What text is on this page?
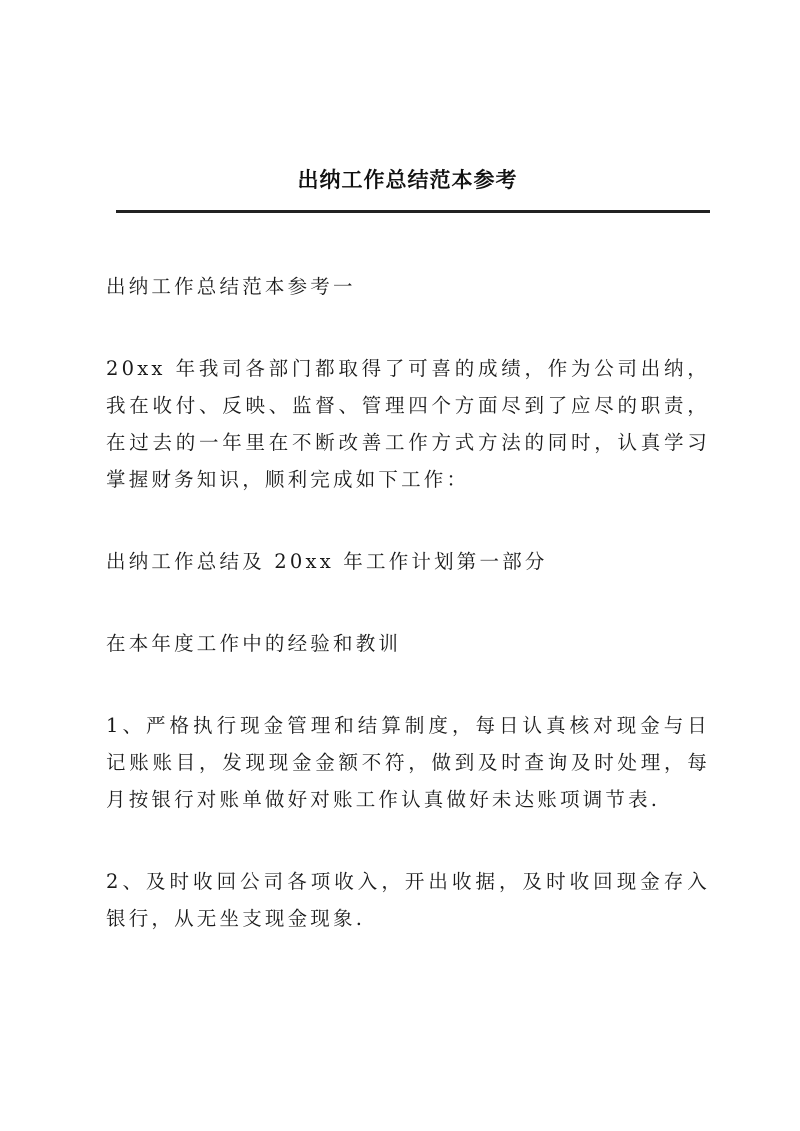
出纳工作总结范本参考

出纳工作总结范本参考一

20xx 年我司各部门都取得了可喜的成绩，作为公司出纳，我在收付、反映、监督、管理四个方面尽到了应尽的职责，在过去的一年里在不断改善工作方式方法的同时，认真学习掌握财务知识，顺利完成如下工作：

出纳工作总结及 20xx 年工作计划第一部分

在本年度工作中的经验和教训

1、严格执行现金管理和结算制度，每日认真核对现金与日记账账目，发现现金金额不符，做到及时查询及时处理，每月按银行对账单做好对账工作认真做好未达账项调节表.

2、及时收回公司各项收入，开出收据，及时收回现金存入银行，从无坐支现金现象.
